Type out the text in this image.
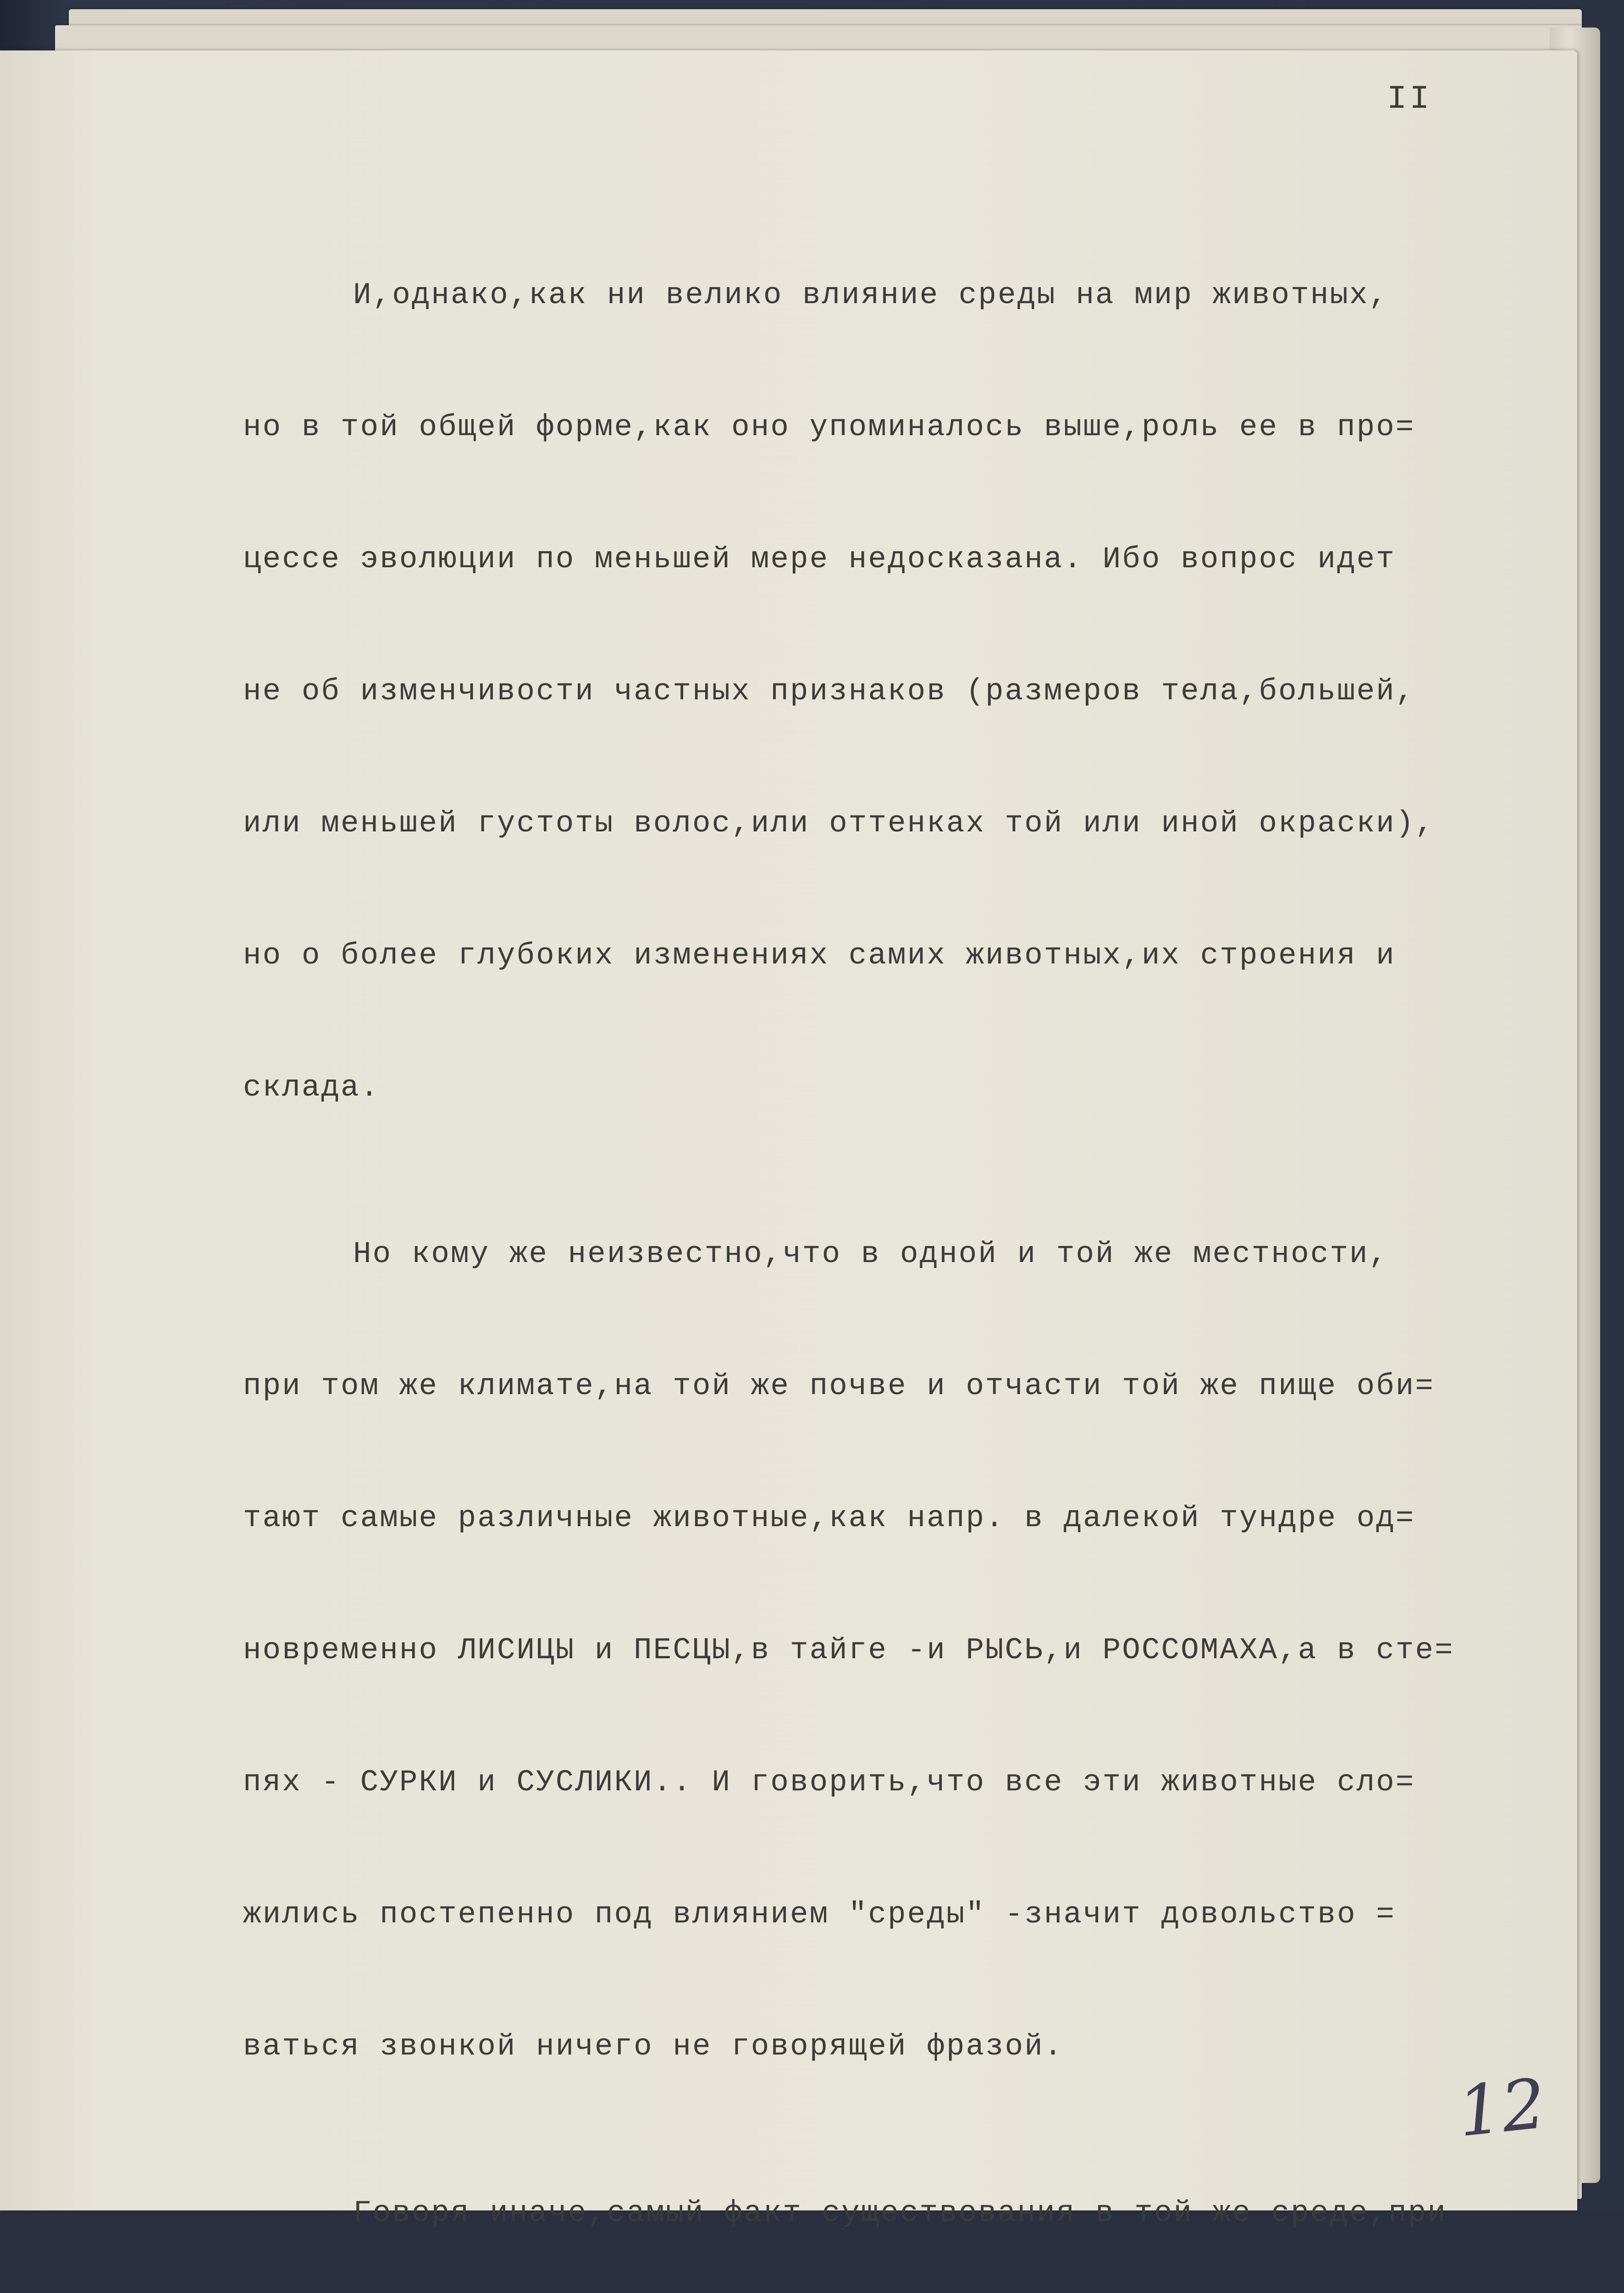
II

И,однако,как ни велико влияние среды на мир животных,

но в той общей форме,как оно упоминалось выше,роль ее в про=

цессе эволюции по меньшей мере недосказана. Ибо вопрос идет

не об изменчивости частных признаков (размеров тела,большей,

или меньшей густоты волос,или оттенках той или иной окраски),

но о более глубоких изменениях самих животных,их строения и

склада.

Но кому же неизвестно,что в одной и той же местности,

при том же климате,на той же почве и отчасти той же пище оби=

тают самые различные животные,как напр. в далекой тундре од=

новременно ЛИСИЦЫ и ПЕСЦЫ,в тайге -и РЫСЬ,и РОССОМАХА,а в сте=

пях - СУРКИ и СУСЛИКИ.. И говорить,что все эти животные сло=

жились постепенно под влиянием "среды" -значит довольство =

ваться звонкой ничего не говорящей фразой.

Говоря иначе,самый факт существования в той же среде,при

12
